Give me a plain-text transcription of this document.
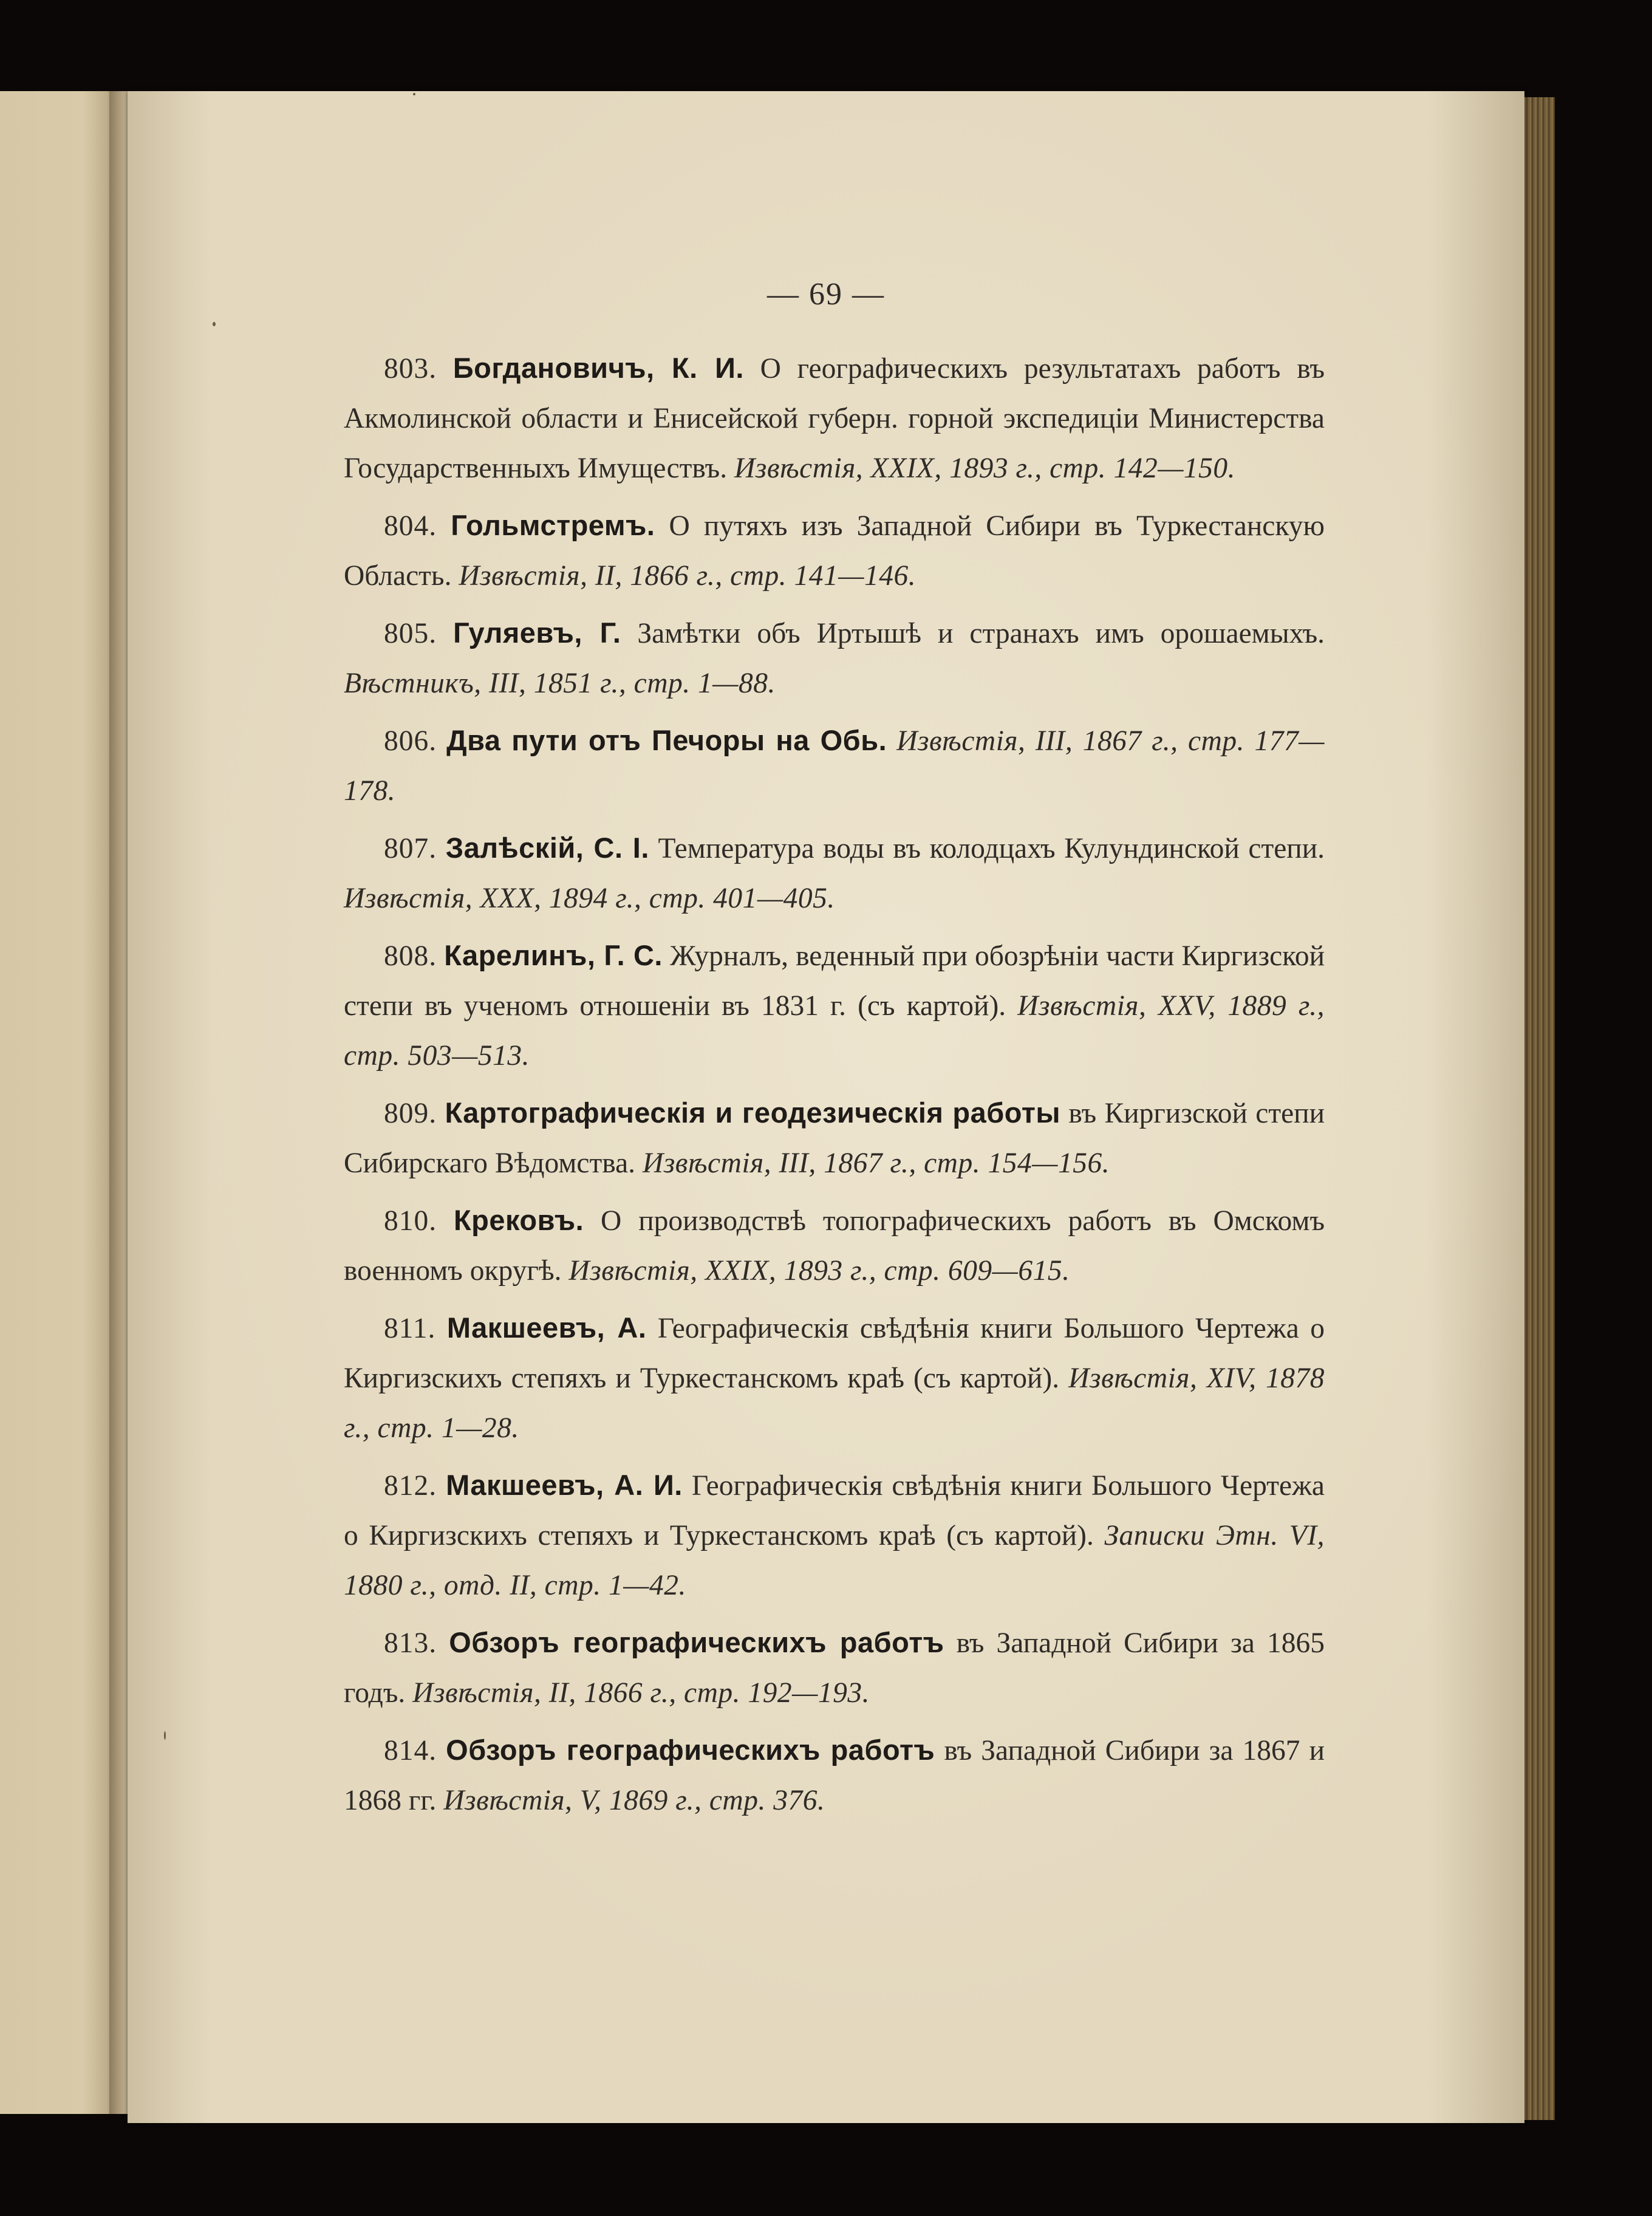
— 69 —
803. Богдановичъ, К. И. О географическихъ результатахъ работъ въ Акмолинской области и Енисейской губерн. горной экспедиціи Министерства Государственныхъ Имуществъ. Извѣстія, XXIX, 1893 г., стр. 142—150.
804. Гольмстремъ. О путяхъ изъ Западной Сибири въ Туркестанскую Область. Извѣстія, II, 1866 г., стр. 141—146.
805. Гуляевъ, Г. Замѣтки объ Иртышѣ и странахъ имъ орошаемыхъ. Вѣстникъ, III, 1851 г., стр. 1—88.
806. Два пути отъ Печоры на Обь. Извѣстія, III, 1867 г., стр. 177—178.
807. Залѣскій, С. І. Температура воды въ колодцахъ Кулундинской степи. Извѣстія, XXX, 1894 г., стр. 401—405.
808. Карелинъ, Г. С. Журналъ, веденный при обозрѣніи части Киргизской степи въ ученомъ отношеніи въ 1831 г. (съ картой). Извѣстія, XXV, 1889 г., стр. 503—513.
809. Картографическія и геодезическія работы въ Киргизской степи Сибирскаго Вѣдомства. Извѣстія, III, 1867 г., стр. 154—156.
810. Крековъ. О производствѣ топографическихъ работъ въ Омскомъ военномъ округѣ. Извѣстія, XXIX, 1893 г., стр. 609—615.
811. Макшеевъ, А. Географическія свѣдѣнія книги Большого Чертежа о Киргизскихъ степяхъ и Туркестанскомъ краѣ (съ картой). Извѣстія, XIV, 1878 г., стр. 1—28.
812. Макшеевъ, А. И. Географическія свѣдѣнія книги Большого Чертежа о Киргизскихъ степяхъ и Туркестанскомъ краѣ (съ картой). Записки Этн. VI, 1880 г., отд. II, стр. 1—42.
813. Обзоръ географическихъ работъ въ Западной Сибири за 1865 годъ. Извѣстія, II, 1866 г., стр. 192—193.
814. Обзоръ географическихъ работъ въ Западной Сибири за 1867 и 1868 гг. Извѣстія, V, 1869 г., стр. 376.
